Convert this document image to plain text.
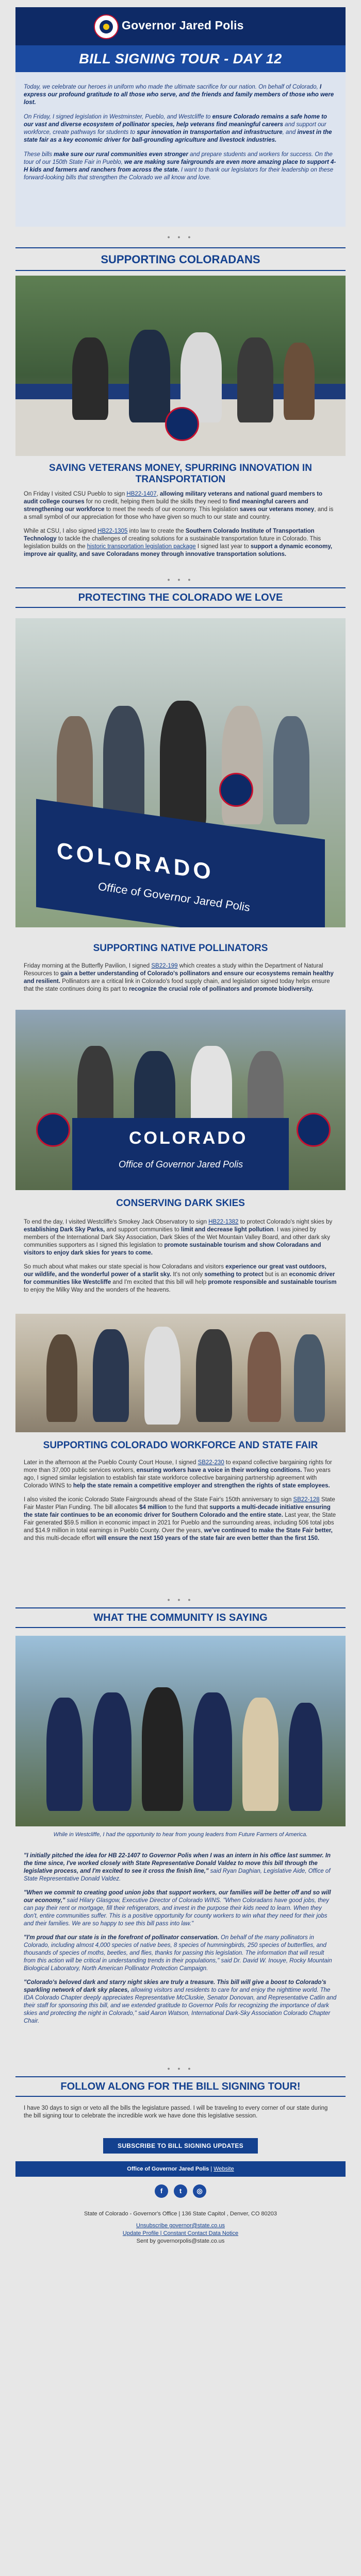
Governor Jared Polis
BILL SIGNING TOUR - DAY 12

Today, we celebrate our heroes in uniform who made the ultimate sacrifice for our nation. On behalf of Colorado, I express our profound gratitude to all those who serve, and the friends and family members of those who were lost.

On Friday, I signed legislation in Westminster, Pueblo, and Westcliffe to ensure Colorado remains a safe home to our vast and diverse ecosystem of pollinator species, help veterans find meaningful careers and support our workforce, create pathways for students to spur innovation in transportation and infrastructure, and invest in the state fair as a key economic driver for ball-grounding agriculture and livestock industries.

These bills make sure our rural communities even stronger and prepare students and workers for success. On the tour of our 150th State Fair in Pueblo, we are making sure fairgrounds are even more amazing place to support 4-H kids and farmers and ranchers from across the state. I want to thank our legislators for their leadership on these forward-looking bills that strengthen the Colorado we all know and love.

● ● ●
SUPPORTING COLORADANS
SAVING VETERANS MONEY, SPURRING INNOVATION IN TRANSPORTATION

On Friday I visited CSU Pueblo to sign HB22-1407, allowing military veterans and national guard members to audit college courses for no credit, helping them build the skills they need to find meaningful careers and strengthening our workforce to meet the needs of our economy. This legislation saves our veterans money, and is a small symbol of our appreciation for those who have given so much to our state and country.

While at CSU, I also signed HB22-1305 into law to create the Southern Colorado Institute of Transportation Technology to tackle the challenges of creating solutions for a sustainable transportation future in Colorado. This legislation builds on the historic transportation legislation package I signed last year to support a dynamic economy, improve air quality, and save Coloradans money through innovative transportation solutions.

● ● ●
PROTECTING THE COLORADO WE LOVE
COLORADO
Office of Governor Jared Polis
SUPPORTING NATIVE POLLINATORS

Friday morning at the Butterfly Pavilion, I signed SB22-199 which creates a study within the Department of Natural Resources to gain a better understanding of Colorado's pollinators and ensure our ecosystems remain healthy and resilient. Pollinators are a critical link in Colorado's food supply chain, and legislation signed today helps ensure that the state continues doing its part to recognize the crucial role of pollinators and promote biodiversity.

COLORADO
Office of Governor Jared Polis
CONSERVING DARK SKIES

To end the day, I visited Westcliffe's Smokey Jack Observatory to sign HB22-1382 to protect Colorado's night skies by establishing Dark Sky Parks, and support communities to limit and decrease light pollution. I was joined by members of the International Dark Sky Association, Dark Skies of the Wet Mountain Valley Board, and other dark sky communities supporters as I signed this legislation to promote sustainable tourism and show Coloradans and visitors to enjoy dark skies for years to come.

So much about what makes our state special is how Coloradans and visitors experience our great vast outdoors, our wildlife, and the wonderful power of a starlit sky. It's not only something to protect but is an economic driver for communities like Westcliffe and I'm excited that this bill will help promote responsible and sustainable tourism to enjoy the Milky Way and the wonders of the heavens.

SUPPORTING COLORADO WORKFORCE AND STATE FAIR

Later in the afternoon at the Pueblo County Court House, I signed SB22-230 to expand collective bargaining rights for more than 37,000 public services workers, ensuring workers have a voice in their working conditions. Two years ago, I signed similar legislation to establish fair state workforce collective bargaining partnership agreement with Colorado WINS to help the state remain a competitive employer and strengthen the rights of state employees.

I also visited the iconic Colorado State Fairgrounds ahead of the State Fair's 150th anniversary to sign SB22-128 State Fair Master Plan Funding. The bill allocates $4 million to the fund that supports a multi-decade initiative ensuring the state fair continues to be an economic driver for Southern Colorado and the entire state. Last year, the State Fair generated $59.5 million in economic impact in 2021 for Pueblo and the surrounding areas, including 506 total jobs and $14.9 million in total earnings in Pueblo County. Over the years, we've continued to make the State Fair better, and this multi-decade effort will ensure the next 150 years of the state fair are even better than the first 150.

● ● ●
WHAT THE COMMUNITY IS SAYING
While in Westcliffe, I had the opportunity to hear from young leaders from Future Farmers of America.

"I initially pitched the idea for HB 22-1407 to Governor Polis when I was an intern in his office last summer. In the time since, I've worked closely with State Representative Donald Valdez to move this bill through the legislative process, and I'm excited to see it cross the finish line," said Ryan Daghian, Legislative Aide, Office of State Representative Donald Valdez.

"When we commit to creating good union jobs that support workers, our families will be better off and so will our economy," said Hilary Glasgow, Executive Director of Colorado WINS. "When Coloradans have good jobs, they can pay their rent or mortgage, fill their refrigerators, and invest in the purpose their kids need to learn. When they don't, entire communities suffer. This is a positive opportunity for county workers to win what they need for their jobs and their families. We are so happy to see this bill pass into law."

"I'm proud that our state is in the forefront of pollinator conservation. On behalf of the many pollinators in Colorado, including almost 4,000 species of native bees, 8 species of hummingbirds, 250 species of butterflies, and thousands of species of moths, beetles, and flies, thanks for passing this legislation. The information that will result from this action will be critical in understanding trends in their populations," said Dr. David W. Inouye, Rocky Mountain Biological Laboratory, North American Pollinator Protection Campaign.

"Colorado's beloved dark and starry night skies are truly a treasure. This bill will give a boost to Colorado's sparkling network of dark sky places, allowing visitors and residents to care for and enjoy the nighttime world. The IDA Colorado Chapter deeply appreciates Representative McCluskie, Senator Donovan, and Representative Catlin and their staff for sponsoring this bill, and we extended gratitude to Governor Polis for recognizing the importance of dark skies and protecting the night in Colorado," said Aaron Watson, International Dark-Sky Association Colorado Chapter Chair.

● ● ●
FOLLOW ALONG FOR THE BILL SIGNING TOUR!
I have 30 days to sign or veto all the bills the legislature passed. I will be traveling to every corner of our state during the bill signing tour to celebrate the incredible work we have done this legislative session.
SUBSCRIBE TO BILL SIGNING UPDATES
Office of Governor Jared Polis | Website
f	t	◎
State of Colorado - Governor's Office | 136 State Capitol , Denver, CO 80203
Unsubscribe governor@state.co.us
Update Profile | Constant Contact Data Notice
Sent by governorpolis@state.co.us
